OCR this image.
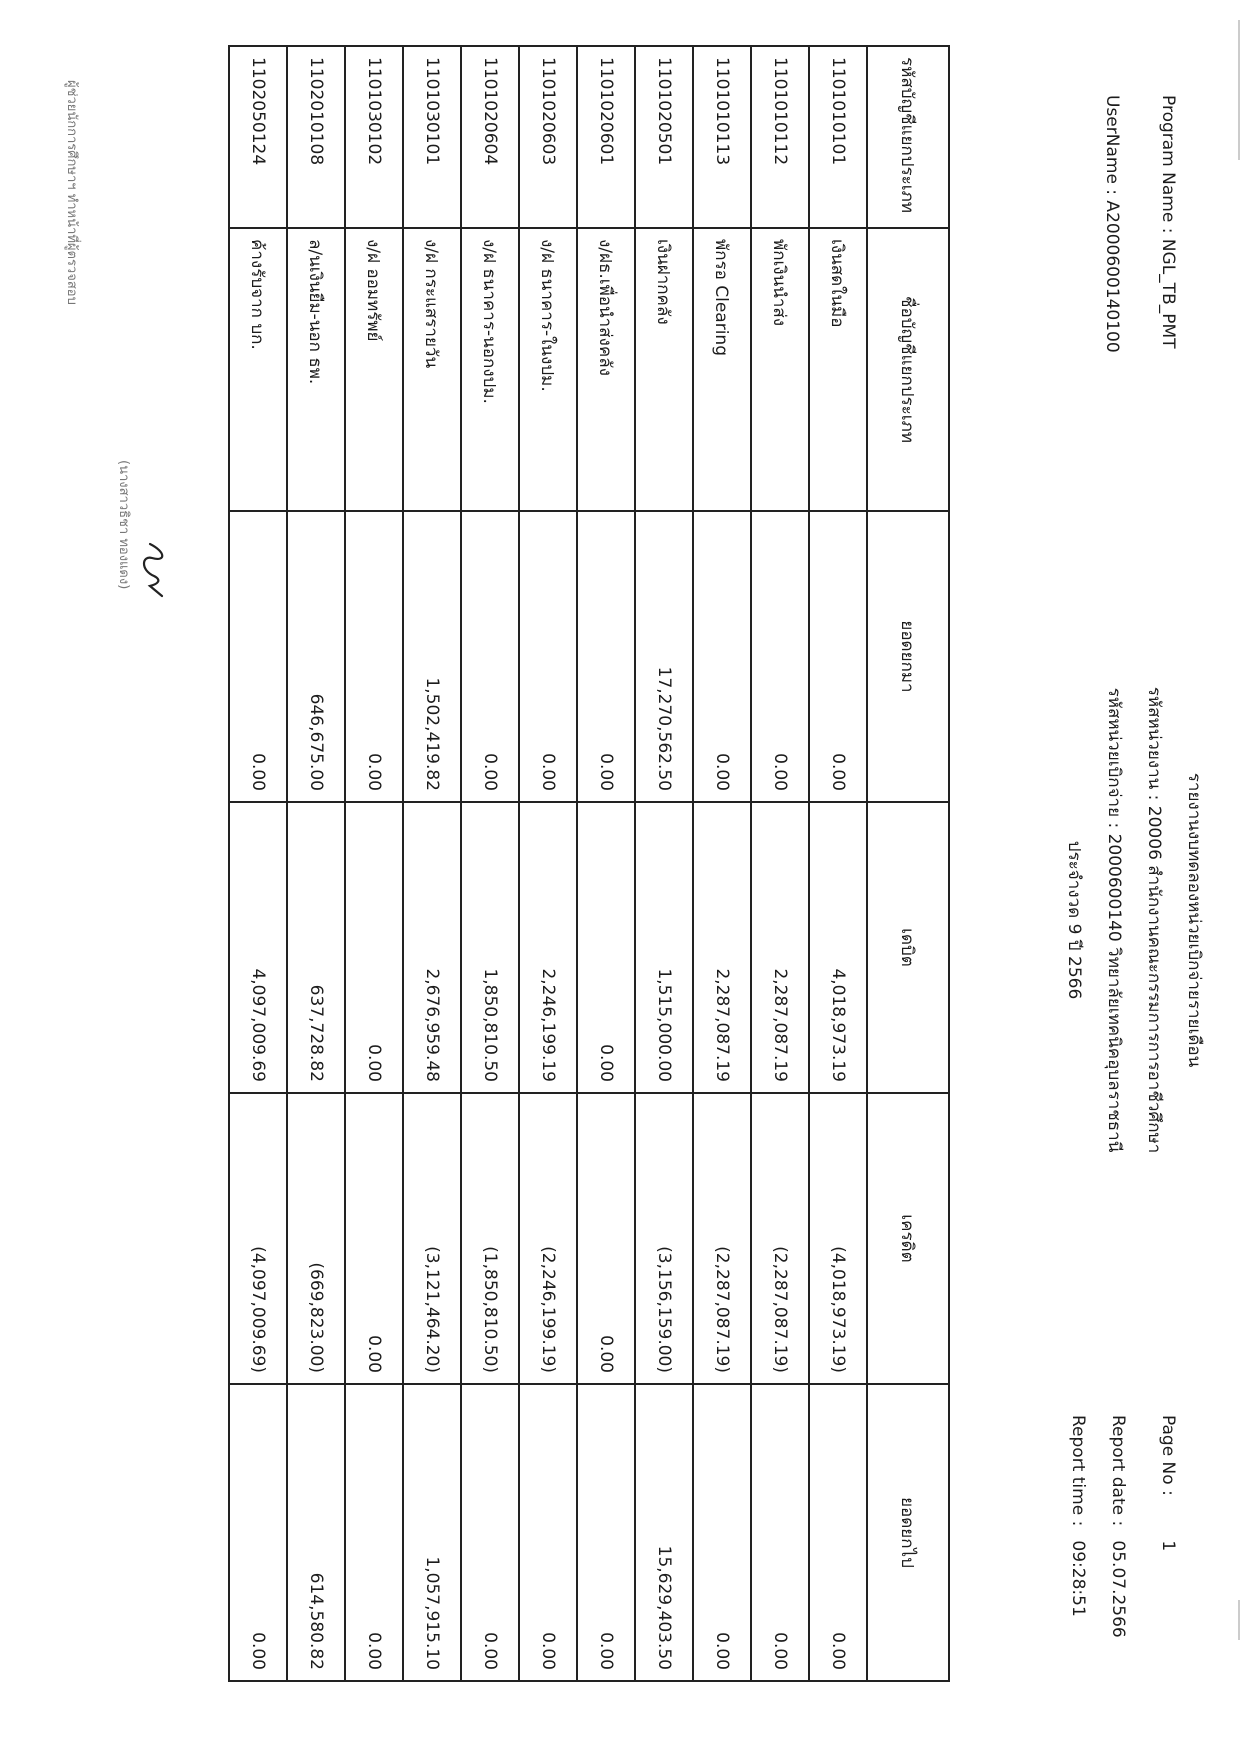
Program Name : NGL_TB_PMT
UserName : A2000600140100
รายงานงบทดลองหน่วยเบิกจ่ายรายเดือน
รหัสหน่วยงาน : 20006 สำนักงานคณะกรรมการการอาชีวศึกษา
รหัสหน่วยเบิกจ่าย : 2000600140 วิทยาลัยเทคนิคอุบลราชธานี
ประจำงวด 9 ปี 2566
Page No : 1
Report date : 05.07.2566
Report time : 09:28:51
รหัสบัญชีแยกประเภท	ชื่อบัญชีแยกประเภท	ยอดยกมา	เดบิต	เครดิต	ยอดยกไป
1101010101	เงินสดในมือ	0.00	4,018,973.19	(4,018,973.19)	0.00
1101010112	พักเงินนำส่ง	0.00	2,287,087.19	(2,287,087.19)	0.00
1101010113	พักรอ Clearing	0.00	2,287,087.19	(2,287,087.19)	0.00
1101020501	เงินฝากคลัง	17,270,562.50	1,515,000.00	(3,156,159.00)	15,629,403.50
1101020601	ง/ฝธ.เพื่อนำส่งคลัง	0.00	0.00	0.00	0.00
1101020603	ง/ฝ ธนาคาร-ในงปม.	0.00	2,246,199.19	(2,246,199.19)	0.00
1101020604	ง/ฝ ธนาคาร-นอกงปม.	0.00	1,850,810.50	(1,850,810.50)	0.00
1101030101	ง/ฝ กระแสรายวัน	1,502,419.82	2,676,959.48	(3,121,464.20)	1,057,915.10
1101030102	ง/ฝ ออมทรัพย์	0.00	0.00	0.00	0.00
1102010108	ล/นเงินยืม-นอก ธพ.	646,675.00	637,728.82	(669,823.00)	614,580.82
1102050124	ค้างรับจาก บก.	0.00	4,097,009.69	(4,097,009.69)	0.00
(นางสาวธิชา ทองแดง)
ผู้ช่วยนักการศึกษาฯ ทำหน้าที่ผู้ตรวจสอบ
